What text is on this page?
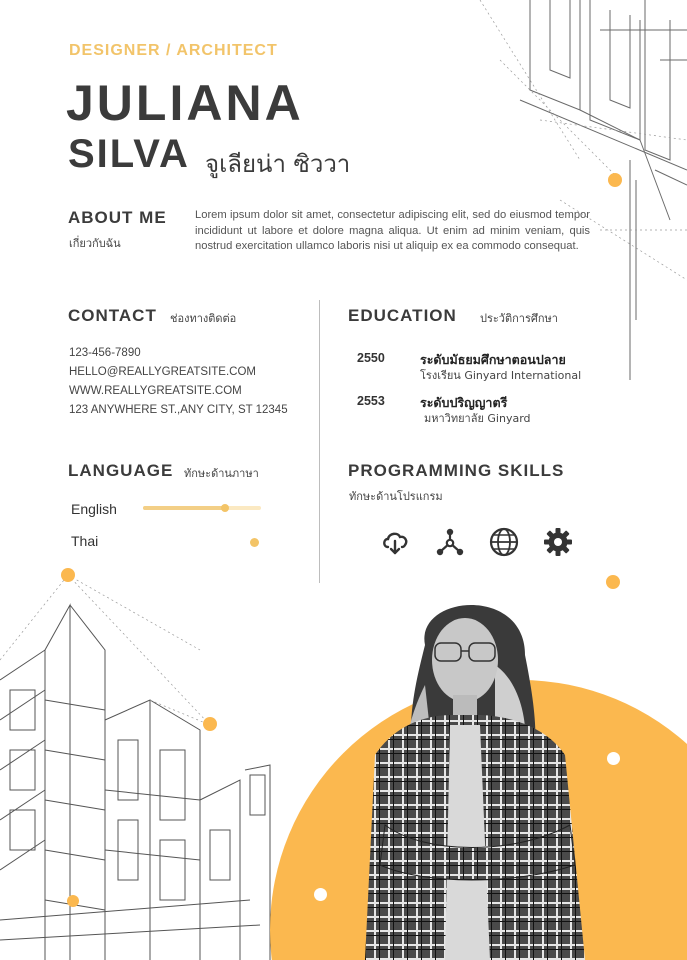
DESIGNER / ARCHITECT
JULIANA
SILVA จูเลียน่า ซิววา
ABOUT ME
เกี่ยวกับฉัน
Lorem ipsum dolor sit amet, consectetur adipiscing elit, sed do eiusmod tempor incididunt ut labore et dolore magna aliqua. Ut enim ad minim veniam, quis nostrud exercitation ullamco laboris nisi ut aliquip ex ea commodo consequat.
CONTACT ช่องทางติดต่อ
123-456-7890
HELLO@REALLYGREATSITE.COM
WWW.REALLYGREATSITE.COM
123 ANYWHERE ST.,ANY CITY, ST 12345
EDUCATION ประวัติการศึกษา
2550	ระดับมัธยมศึกษาตอนปลาย
โรงเรียน Ginyard International
2553	ระดับปริญญาตรี
มหาวิทยาลัย Ginyard
LANGUAGE ทักษะด้านภาษา
English
Thai
PROGRAMMING SKILLS
ทักษะด้านโปรแกรม
